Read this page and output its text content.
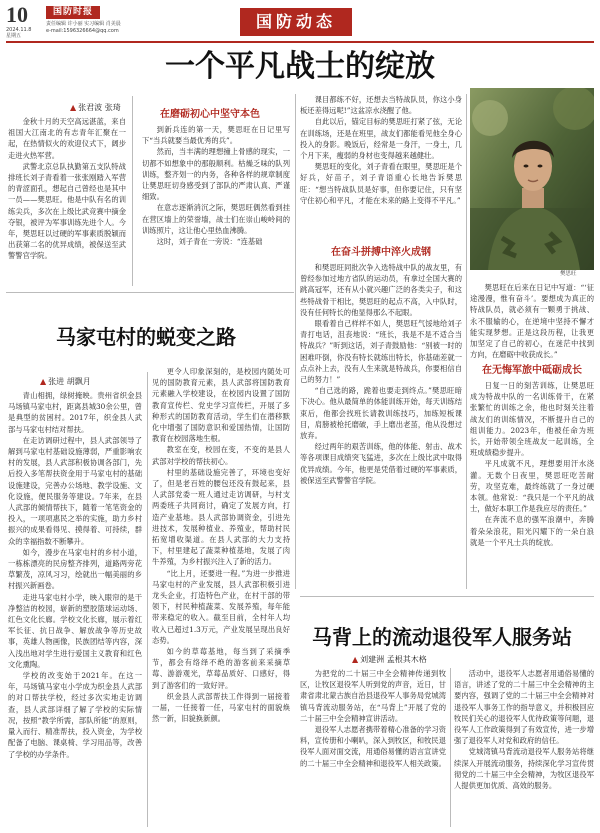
10
2024.11.8
星期五
国防时报
责任编辑 许小丽 实习编辑 肖美晨
e-mail:1596326664@qq.com	国防动态
一个平凡战士的绽放
▲ 张君波 张琦

金秋十月的天空高远湛蓝，来自祖国大江南北的有志青年汇聚在一起，在热情似火的欢迎仪式下，阔步走进火热军营。

武警北京总队执勤第五支队特战排班长刘子青看着一张张刚踏入军营的青涩面孔，想起自己曾经也是其中一员——樊思旺。他是中队有名的训练尖兵，多次在上级比武竞赛中摘金夺银，被评为军事训练先进个人。今年，樊思旺以过硬的军事素质脱颖而出获第二名的优异成绩，被保送至武警警官学院。

在磨砺初心中坚守本色

到新兵连的第一天，樊思旺在日记里写下“当兵就要当最优秀的兵”。

然而，当丰满的理想撞上骨感的现实，一切都不如想象中的那般顺利。枯燥乏味的队列训练，整齐划一的内务，各种各样的规章制度让樊思旺切身感受到了部队的严肃认真、严谨细致。

在意志逐渐消沉之际，樊思旺偶然看到挂在营区墙上的荣誉墙，战士们在崇山峻岭间的训练照片，这让他心里热血沸腾。

这时，刘子青在一旁说：“连基础

课目都练不好，还想去当特战队员，你这小身板还差得远呢!”这盆凉水浇醒了他。

自此以后，锚定目标的樊思旺打紧了弦，无论在训练场，还是在班里，战友们都能看见他全身心投入的身影。晚饭后，经常是一身汗，一身土，几个月下来，瘦弱的身材也变得越来越健壮。

樊思旺的变化，刘子青看在眼里，樊思旺是个好兵，好苗子，刘子青语重心长地告诉樊思旺：“想当特战队员是好事，但你要记住，只有坚守住初心和平凡，才能在未来的路上变得不平凡。”

在奋斗拼搏中淬火成钢

和樊思旺同批次争入选特战中队的战友里，有曾经参加过地方省队的运动员，有拿过全国大赛的跳高冠军，还有从小就兴趣广泛的各类尖子，和这些特战骨干相比，樊思旺的起点不高，入中队时，没有任何特长的他显得那么不起眼。

眼看着自己样样不如人，樊思旺气馁地给刘子青打电话，沮丧地说：“班长，我是不是不适合当特战兵？”听到这话，刘子青鼓励他：“别被一时的困难吓倒，你没有特长就练出特长，你基础差就一点点补上去，没有人生来就是特战兵，你要相信自己的努力！”

“自己选的路，跪着也要走到终点。”樊思旺暗下决心。他从最简单的体能训练开始，每天训练结束后，他都会找班长请教训练技巧，加练短板课目，肩膀被枪托磨破，手上磨出老茧，他从没想过放弃。

经过两年的艰苦训练，他的体能、射击、战术等各项课目成绩突飞猛进，多次在上级比武中取得优异成绩。今年，他更是凭借着过硬的军事素质，被保送至武警警官学院。

樊思旺

樊思旺在后来在日记中写道：“‘征途漫漫，惟有奋斗’。要想成为真正的特战队员，就必须有一颗勇于挑战、永不服输的心，在逆境中坚持不懈才能实现梦想。正是这段历程，让我更加坚定了自己的初心，在迷茫中找到方向，在磨砺中收获成长。”

在无悔军旅中砥砺成长

日复一日的刻苦训练，让樊思旺成为特战中队的一名训练骨干，在紧张繁忙的训练之余，他也时刻关注着战友们的训练情况，不断提升自己的组训能力。2023年，他被任命为班长，开始带领全班战友一起训练，全班成绩稳步提升。

平凡成就不凡，理想要用汗水浇灌。无数个日夜里，樊思旺吃苦耐劳，攻坚克难，最终练就了一身过硬本领。他常说：“我只是一个平凡的战士，做好本职工作是我应尽的责任。”

在奔流不息的强军浪潮中，奔腾着朵朵浪花，阳光闪耀下的一朵白浪就是一个平凡士兵的绽放。

马家屯村的蜕变之路
▲ 张进 胡飘月

青山相拥，绿树掩映。贵州省织金县马场镇马家屯村，距离县城30余公里，曾是典型的贫困村。2017年，织金县人武部与马家屯村结对帮扶。

在走访调研过程中，县人武部领导了解到马家屯村基础设施薄弱，严重影响农村的发展，县人武部积极协调各部门，先后投入多笔帮扶资金用于马家屯村的基础设施建设，完善办公场地、教学设施、文化设施，便民服务等建设。7年来，在县人武部的倾情帮扶下，随着一笔笔资金的投入，一项项惠民之举的实施，助力乡村振兴的成果看得见、摸得着、可持续，群众的幸福指数不断攀升。

如今，漫步在马家屯村的乡村小道，一栋栋漂亮的民房整齐排列，道路两旁花草繁茂，凉风习习，绘就出一幅美丽的乡村振兴新画卷。

走进马家屯村小学，映入眼帘的是干净整洁的校园，崭新的塑胶篮球运动场、红色文化长廊。学校文化长廊，展示着红军长征、抗日战争、解放战争等历史故事，英雄人物画像，民族团结等内容，深入浅出地对学生进行爱国主义教育和红色文化熏陶。

学校的改变始于2021年。在这一年，马场镇马家屯小学成为织金县人武部的对口帮扶学校，经过多次实地走访调查，县人武部详细了解了学校的实际情况，按照“教学所需，部队所能”的原则，量入而行、精准帮扶，投入资金，为学校配备了电脑、课桌椅、学习用品等，改善了学校的办学条件。

更令人印象深刻的，是校园内随处可见的国防教育元素，县人武部将国防教育元素融入学校建设，在校园内设置了国防教育宣传栏、党史学习宣传栏，开展了多种形式的国防教育活动，学生们在潜移默化中增强了国防意识和爱国热情，让国防教育在校园落地生根。

教室在变，校园在变，不变的是县人武部对学校的帮扶初心。

村里的基础设施完善了，环境也变好了，但是老百姓的腰包还没有鼓起来，县人武部党委一班人通过走访调研，与村支两委班子共同商讨，确定了发展方向，打造产业基地。县人武部协调资金，引进先进技术，发展种植业、养殖业，帮助村民拓宽增收渠道。在县人武部的大力支持下，村里建起了蔬菜种植基地，发展了肉牛养殖，为乡村振兴注入了新的活力。

“比上月，还要进一程。”为进一步推进马家屯村的产业发展，县人武部积极引进龙头企业，打造特色产业，在村干部的带领下，村民种植蔬菜、发展养殖，每年能带来稳定的收入。截至目前，全村年人均收入已超过1.3万元，产业发展呈现出良好态势。

如今的草莓基地，每当到了采摘季节，都会有络绎不绝的游客前来采摘草莓、游游观光，草莓品质好、口感好，得到了游客们的一致好评。

织金县人武部帮扶工作得到一届接着一届，一任接着一任，马家屯村的面貌焕然一新，旧貌换新颜。

马背上的流动退役军人服务站
▲ 刘建洲 孟根其木格

为把党的二十届三中全会精神传递到牧区，让牧区退役军人听到党的声音，近日，甘肃省肃北蒙古族自治县退役军人事务局党城湾镇马背流动服务站，在“马背上”开展了党的二十届三中全会精神宣讲活动。

退役军人志愿者携带着精心准备的学习资料，宣传册和小喇叭，深入到牧区，和牧民退役军人面对面交流，用通俗易懂的语言宣讲党的二十届三中全会精神和退役军人相关政策。

活动中，退役军人志愿者用通俗易懂的语言，讲述了党的二十届三中全会精神的主要内容，强调了党的二十届三中全会精神对退役军人事务工作的指导意义，并积极回应牧民们关心的退役军人优待政策等问题，退役军人工作政策得到了有效宣传，进一步增强了退役军人对党和政府的信任。

党城湾镇马背流动退役军人服务站将继续深入开展流动服务，持续深化学习宣传贯彻党的二十届三中全会精神，为牧区退役军人提供更加优质、高效的服务。
